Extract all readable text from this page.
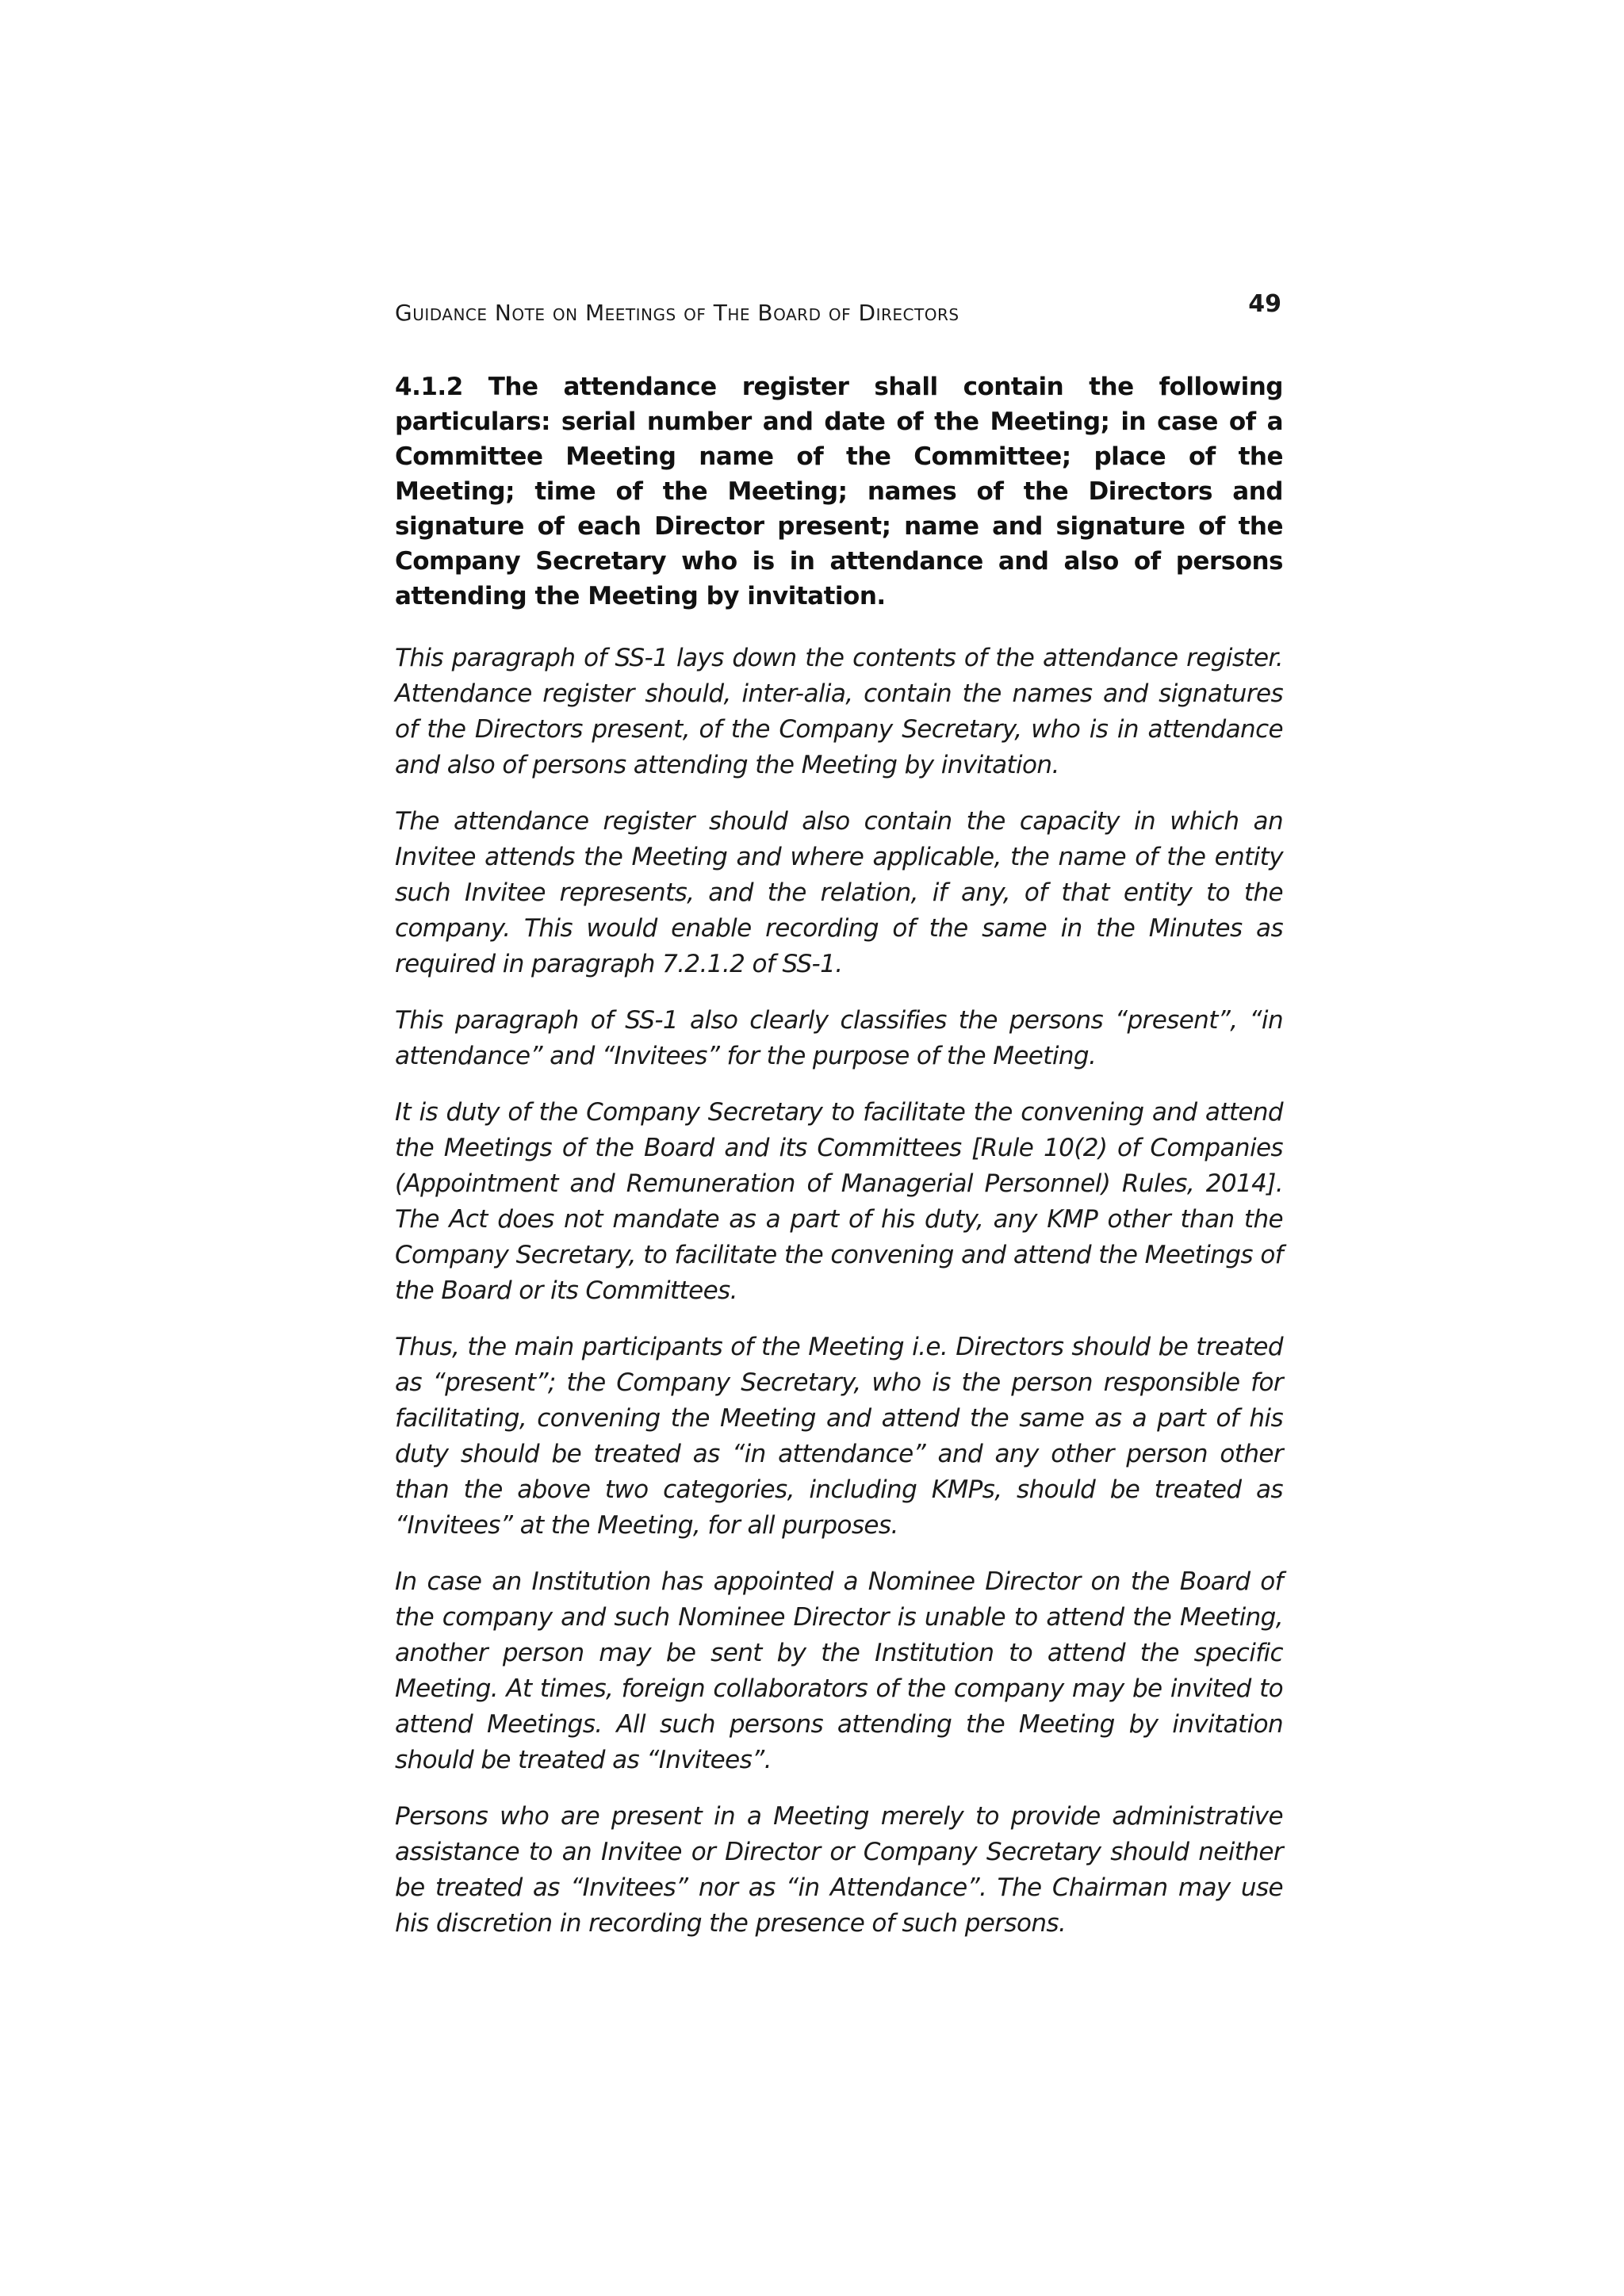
Guidance Note on Meetings of The Board of Directors	49

4.1.2 The attendance register shall contain the following particulars: serial number and date of the Meeting; in case of a Committee Meeting name of the Committee; place of the Meeting; time of the Meeting; names of the Directors and signature of each Director present; name and signature of the Company Secretary who is in attendance and also of persons attending the Meeting by invitation.

This paragraph of SS-1 lays down the contents of the attendance register. Attendance register should, inter-alia, contain the names and signatures of the Directors present, of the Company Secretary, who is in attendance and also of persons attending the Meeting by invitation.

The attendance register should also contain the capacity in which an Invitee attends the Meeting and where applicable, the name of the entity such Invitee represents, and the relation, if any, of that entity to the company. This would enable recording of the same in the Minutes as required in paragraph 7.2.1.2 of SS-1.

This paragraph of SS-1 also clearly classifies the persons “present”, “in attendance” and “Invitees” for the purpose of the Meeting.

It is duty of the Company Secretary to facilitate the convening and attend the Meetings of the Board and its Committees [Rule 10(2) of Companies (Appointment and Remuneration of Managerial Personnel) Rules, 2014]. The Act does not mandate as a part of his duty, any KMP other than the Company Secretary, to facilitate the convening and attend the Meetings of the Board or its Committees.

Thus, the main participants of the Meeting i.e. Directors should be treated as “present”; the Company Secretary, who is the person responsible for facilitating, convening the Meeting and attend the same as a part of his duty should be treated as “in attendance” and any other person other than the above two categories, including KMPs, should be treated as “Invitees” at the Meeting, for all purposes.

In case an Institution has appointed a Nominee Director on the Board of the company and such Nominee Director is unable to attend the Meeting, another person may be sent by the Institution to attend the specific Meeting. At times, foreign collaborators of the company may be invited to attend Meetings. All such persons attending the Meeting by invitation should be treated as “Invitees”.

Persons who are present in a Meeting merely to provide administrative assistance to an Invitee or Director or Company Secretary should neither be treated as “Invitees” nor as “in Attendance”. The Chairman may use his discretion in recording the presence of such persons.
